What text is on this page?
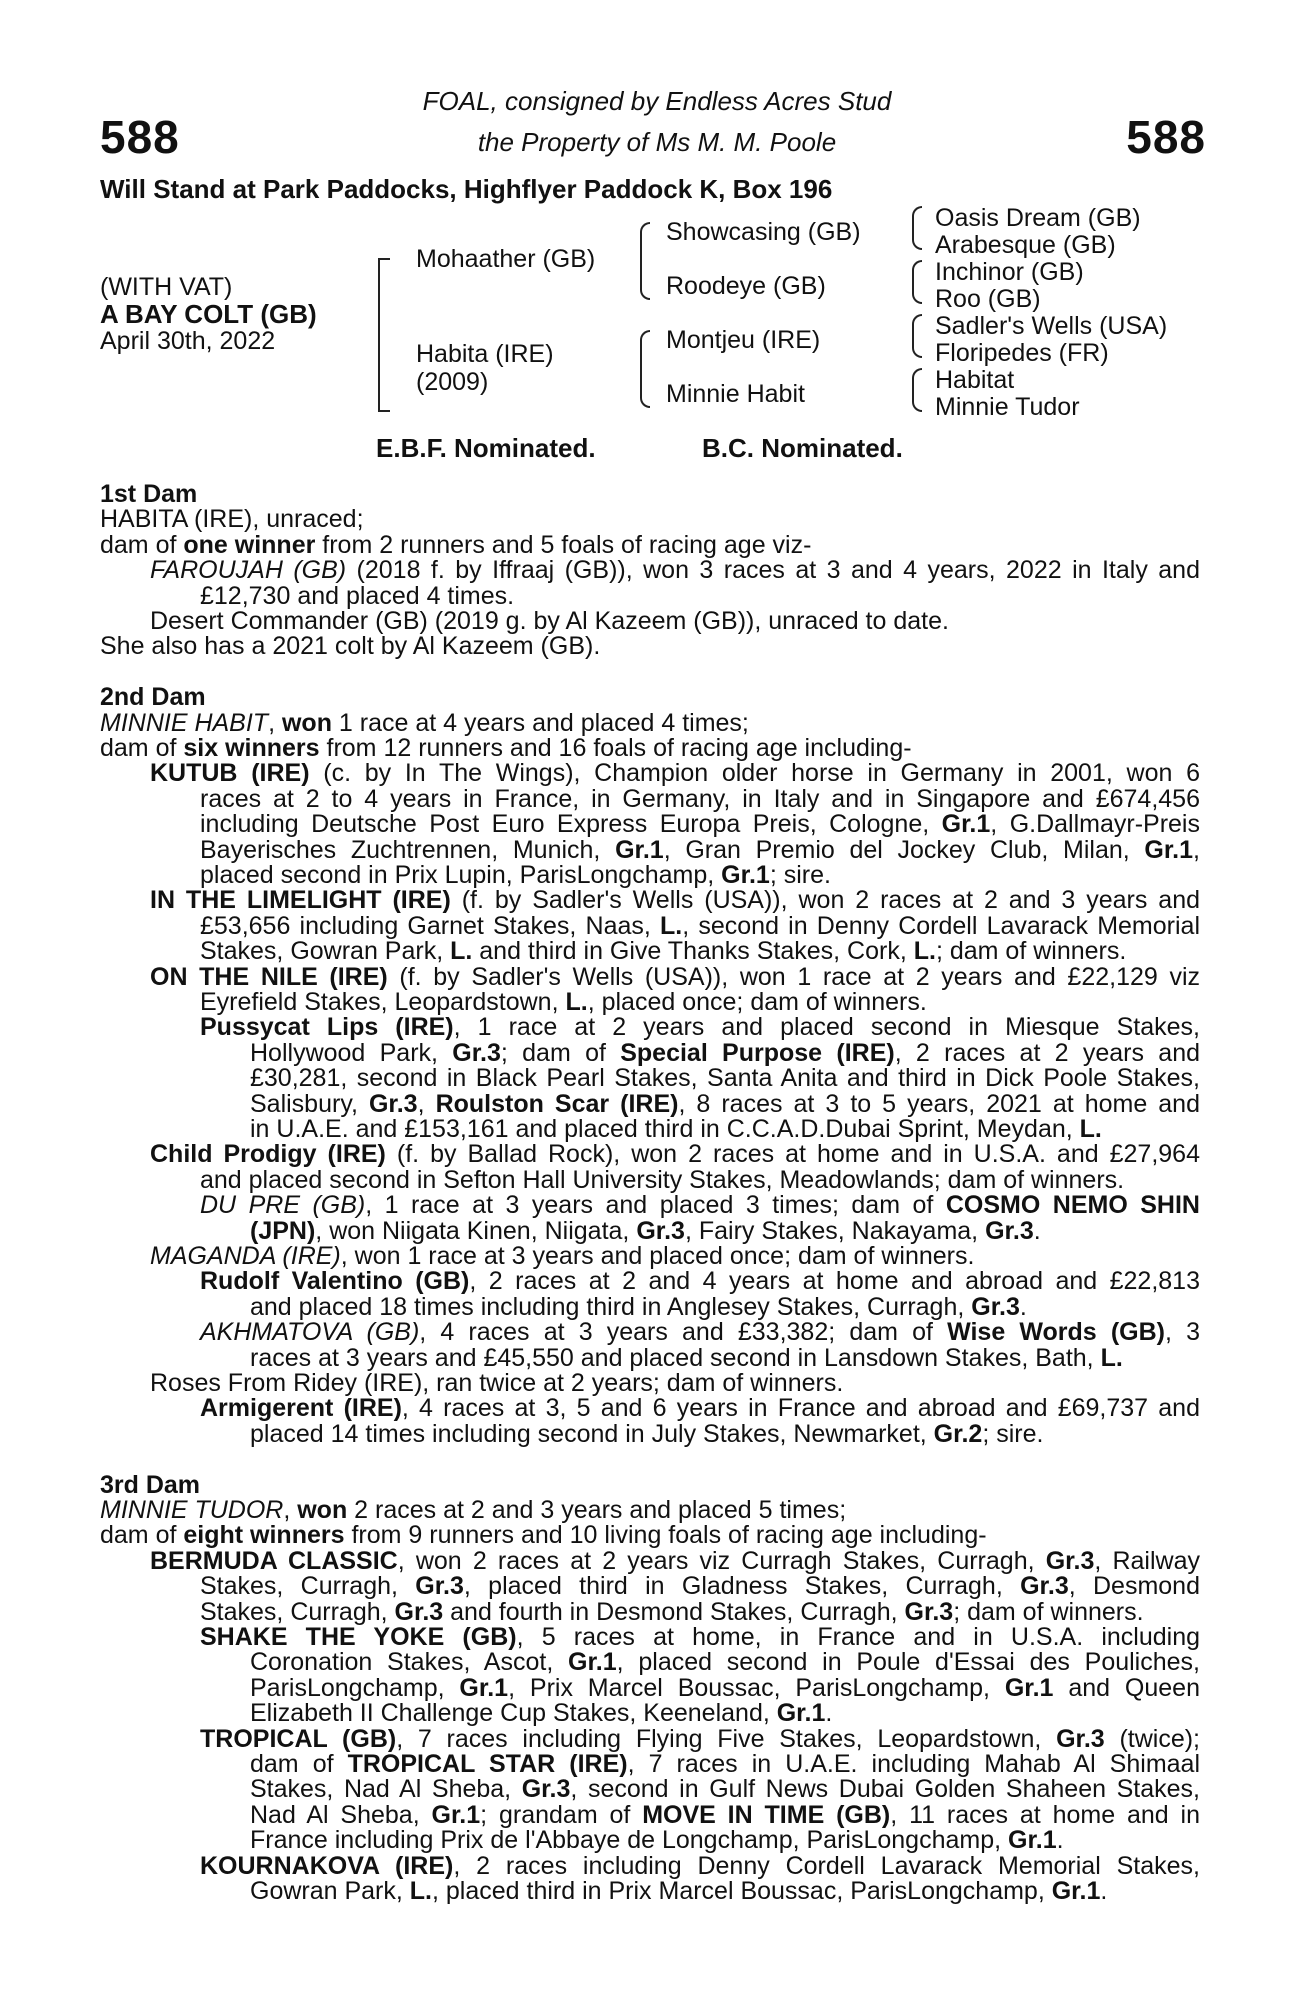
588	588
FOAL, consigned by Endless Acres Stud
the Property of Ms M. M. Poole
Will Stand at Park Paddocks, Highflyer Paddock K, Box 196
(WITH VAT)
A BAY COLT (GB)
April 30th, 2022
Mohaather (GB)
Habita (IRE)
(2009)
Showcasing (GB)
Roodeye (GB)
Montjeu (IRE)
Minnie Habit
Oasis Dream (GB)
Arabesque (GB)
Inchinor (GB)
Roo (GB)
Sadler's Wells (USA)
Floripedes (FR)
Habitat
Minnie Tudor
E.B.F. Nominated.	B.C. Nominated.

1st Dam

HABITA (IRE), unraced;

dam of one winner from 2 runners and 5 foals of racing age viz-

FAROUJAH (GB) (2018 f. by Iffraaj (GB)), won 3 races at 3 and 4 years, 2022 in Italy and

£12,730 and placed 4 times.

Desert Commander (GB) (2019 g. by Al Kazeem (GB)), unraced to date.

She also has a 2021 colt by Al Kazeem (GB).

2nd Dam

MINNIE HABIT, won 1 race at 4 years and placed 4 times;

dam of six winners from 12 runners and 16 foals of racing age including-

KUTUB (IRE) (c. by In The Wings), Champion older horse in Germany in 2001, won 6

races at 2 to 4 years in France, in Germany, in Italy and in Singapore and £674,456

including Deutsche Post Euro Express Europa Preis, Cologne, Gr.1, G.Dallmayr-Preis

Bayerisches Zuchtrennen, Munich, Gr.1, Gran Premio del Jockey Club, Milan, Gr.1,

placed second in Prix Lupin, ParisLongchamp, Gr.1; sire.

IN THE LIMELIGHT (IRE) (f. by Sadler's Wells (USA)), won 2 races at 2 and 3 years and

£53,656 including Garnet Stakes, Naas, L., second in Denny Cordell Lavarack Memorial

Stakes, Gowran Park, L. and third in Give Thanks Stakes, Cork, L.; dam of winners.

ON THE NILE (IRE) (f. by Sadler's Wells (USA)), won 1 race at 2 years and £22,129 viz

Eyrefield Stakes, Leopardstown, L., placed once; dam of winners.

Pussycat Lips (IRE), 1 race at 2 years and placed second in Miesque Stakes,

Hollywood Park, Gr.3; dam of Special Purpose (IRE), 2 races at 2 years and

£30,281, second in Black Pearl Stakes, Santa Anita and third in Dick Poole Stakes,

Salisbury, Gr.3, Roulston Scar (IRE), 8 races at 3 to 5 years, 2021 at home and

in U.A.E. and £153,161 and placed third in C.C.A.D.Dubai Sprint, Meydan, L.

Child Prodigy (IRE) (f. by Ballad Rock), won 2 races at home and in U.S.A. and £27,964

and placed second in Sefton Hall University Stakes, Meadowlands; dam of winners.

DU PRE (GB), 1 race at 3 years and placed 3 times; dam of COSMO NEMO SHIN

(JPN), won Niigata Kinen, Niigata, Gr.3, Fairy Stakes, Nakayama, Gr.3.

MAGANDA (IRE), won 1 race at 3 years and placed once; dam of winners.

Rudolf Valentino (GB), 2 races at 2 and 4 years at home and abroad and £22,813

and placed 18 times including third in Anglesey Stakes, Curragh, Gr.3.

AKHMATOVA (GB), 4 races at 3 years and £33,382; dam of Wise Words (GB), 3

races at 3 years and £45,550 and placed second in Lansdown Stakes, Bath, L.

Roses From Ridey (IRE), ran twice at 2 years; dam of winners.

Armigerent (IRE), 4 races at 3, 5 and 6 years in France and abroad and £69,737 and

placed 14 times including second in July Stakes, Newmarket, Gr.2; sire.

3rd Dam

MINNIE TUDOR, won 2 races at 2 and 3 years and placed 5 times;

dam of eight winners from 9 runners and 10 living foals of racing age including-

BERMUDA CLASSIC, won 2 races at 2 years viz Curragh Stakes, Curragh, Gr.3, Railway

Stakes, Curragh, Gr.3, placed third in Gladness Stakes, Curragh, Gr.3, Desmond

Stakes, Curragh, Gr.3 and fourth in Desmond Stakes, Curragh, Gr.3; dam of winners.

SHAKE THE YOKE (GB), 5 races at home, in France and in U.S.A. including

Coronation Stakes, Ascot, Gr.1, placed second in Poule d'Essai des Pouliches,

ParisLongchamp, Gr.1, Prix Marcel Boussac, ParisLongchamp, Gr.1 and Queen

Elizabeth II Challenge Cup Stakes, Keeneland, Gr.1.

TROPICAL (GB), 7 races including Flying Five Stakes, Leopardstown, Gr.3 (twice);

dam of TROPICAL STAR (IRE), 7 races in U.A.E. including Mahab Al Shimaal

Stakes, Nad Al Sheba, Gr.3, second in Gulf News Dubai Golden Shaheen Stakes,

Nad Al Sheba, Gr.1; grandam of MOVE IN TIME (GB), 11 races at home and in

France including Prix de l'Abbaye de Longchamp, ParisLongchamp, Gr.1.

KOURNAKOVA (IRE), 2 races including Denny Cordell Lavarack Memorial Stakes,

Gowran Park, L., placed third in Prix Marcel Boussac, ParisLongchamp, Gr.1.
